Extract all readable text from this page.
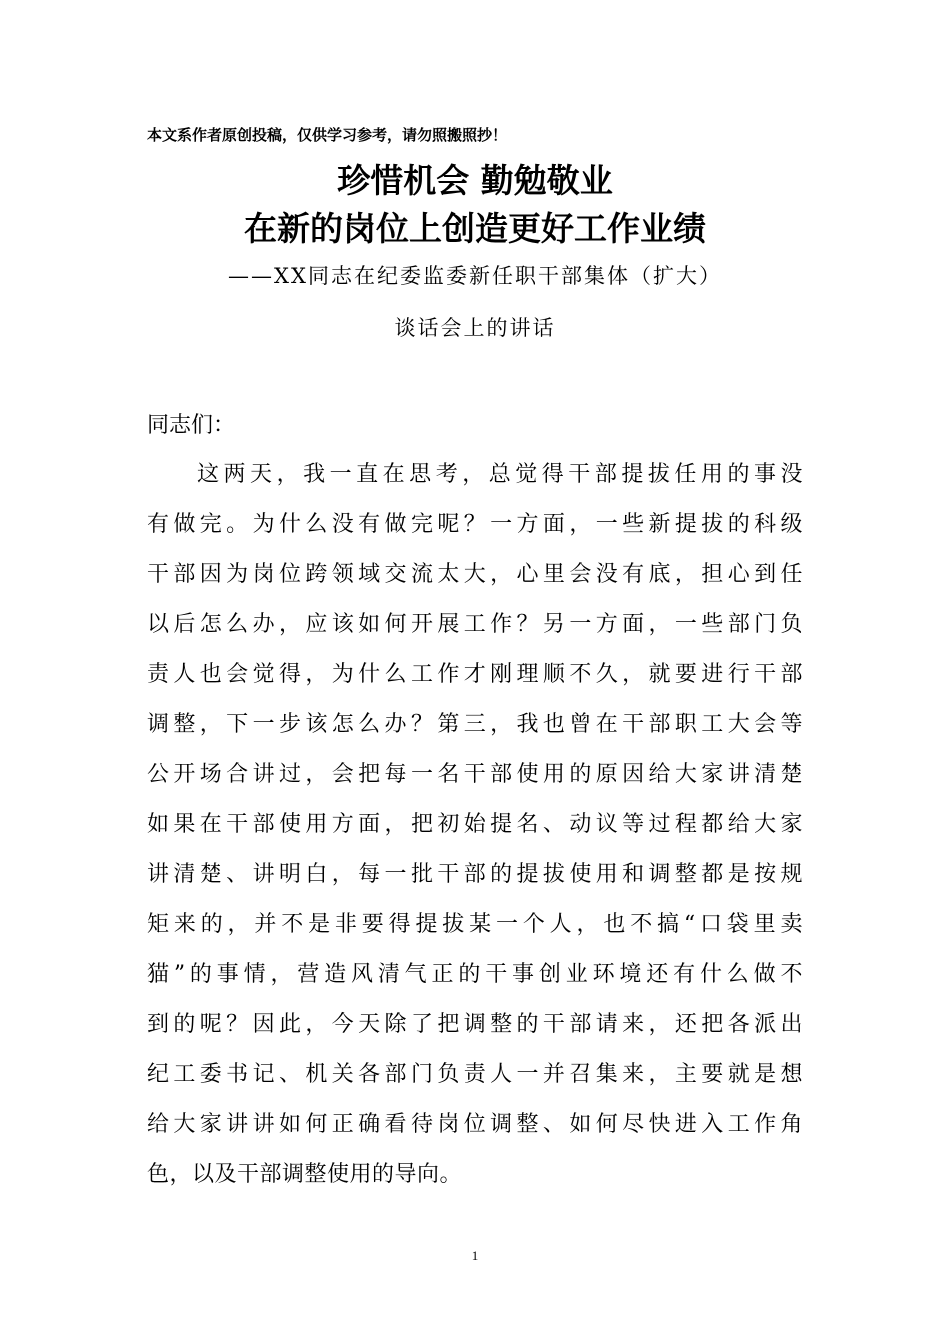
本文系作者原创投稿，仅供学习参考，请勿照搬照抄！
珍惜机会 勤勉敬业
在新的岗位上创造更好工作业绩
——XX同志在纪委监委新任职干部集体（扩大）
谈话会上的讲话
同志们：
这两天，我一直在思考，总觉得干部提拔任用的事没
有做完。为什么没有做完呢？一方面，一些新提拔的科级
干部因为岗位跨领域交流太大，心里会没有底，担心到任
以后怎么办，应该如何开展工作？另一方面，一些部门负
责人也会觉得，为什么工作才刚理顺不久，就要进行干部
调整，下一步该怎么办？第三，我也曾在干部职工大会等
公开场合讲过，会把每一名干部使用的原因给大家讲清楚
如果在干部使用方面，把初始提名、动议等过程都给大家
讲清楚、讲明白，每一批干部的提拔使用和调整都是按规
矩来的，并不是非要得提拔某一个人，也不搞“口袋里卖
猫”的事情，营造风清气正的干事创业环境还有什么做不
到的呢？因此，今天除了把调整的干部请来，还把各派出
纪工委书记、机关各部门负责人一并召集来，主要就是想
给大家讲讲如何正确看待岗位调整、如何尽快进入工作角
色，以及干部调整使用的导向。
1
